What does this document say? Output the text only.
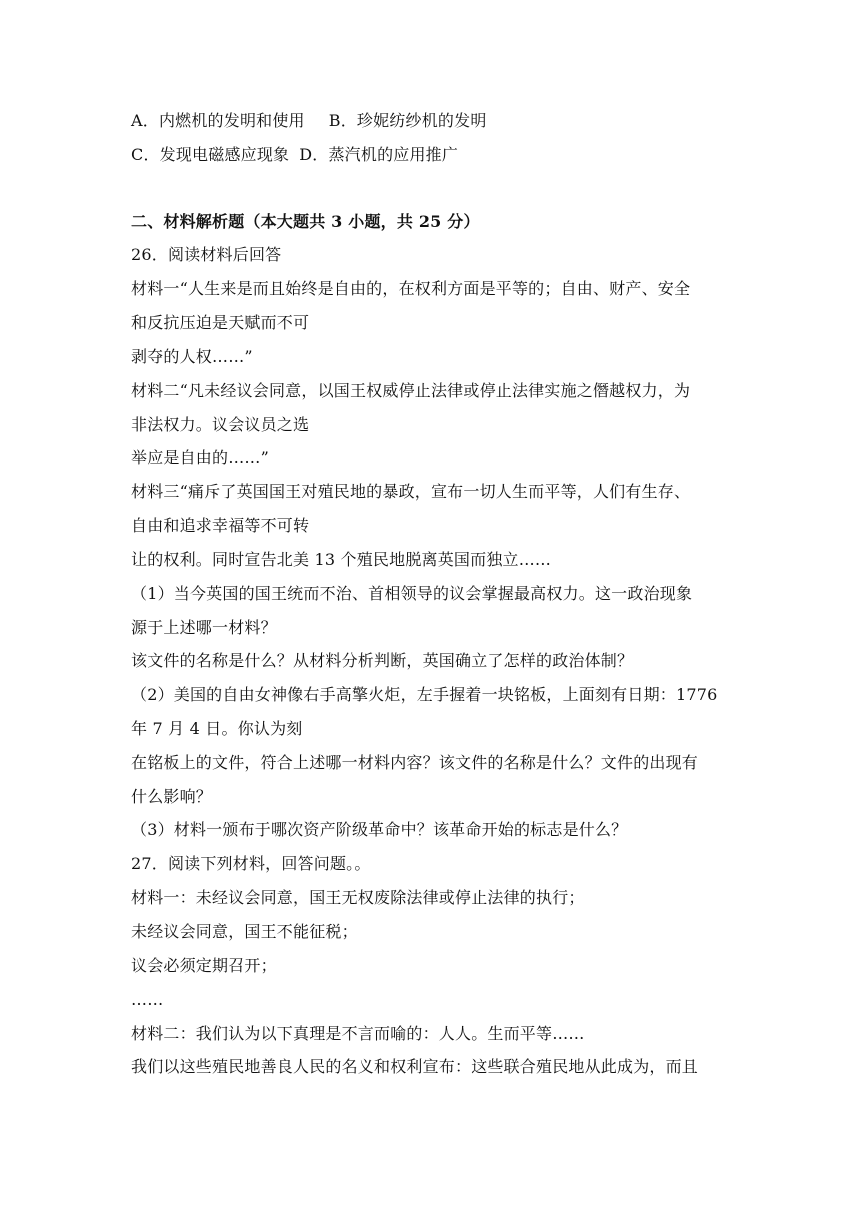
A．内燃机的发明和使用 B．珍妮纺纱机的发明
C．发现电磁感应现象 D．蒸汽机的应用推广
二、材料解析题（本大题共 3 小题，共 25 分）
26．阅读材料后回答
材料一“人生来是而且始终是自由的，在权利方面是平等的；自由、财产、安全
和反抗压迫是天赋而不可
剥夺的人权……”
材料二“凡未经议会同意，以国王权威停止法律或停止法律实施之僭越权力，为
非法权力。议会议员之选
举应是自由的……”
材料三“痛斥了英国国王对殖民地的暴政，宣布一切人生而平等，人们有生存、
自由和追求幸福等不可转
让的权利。同时宣告北美 13 个殖民地脱离英国而独立……
（1）当今英国的国王统而不治、首相领导的议会掌握最高权力。这一政治现象
源于上述哪一材料？
该文件的名称是什么？从材料分析判断，英国确立了怎样的政治体制？
（2）美国的自由女神像右手高擎火炬，左手握着一块铭板，上面刻有日期：1776
年 7 月 4 日。你认为刻
在铭板上的文件，符合上述哪一材料内容？该文件的名称是什么？文件的出现有
什么影响？
（3）材料一颁布于哪次资产阶级革命中？该革命开始的标志是什么？
27．阅读下列材料，回答问题。。
材料一：未经议会同意，国王无权废除法律或停止法律的执行；
未经议会同意，国王不能征税；
议会必须定期召开；
……
材料二：我们认为以下真理是不言而喻的：人人。生而平等……
我们以这些殖民地善良人民的名义和权利宣布：这些联合殖民地从此成为，而且
